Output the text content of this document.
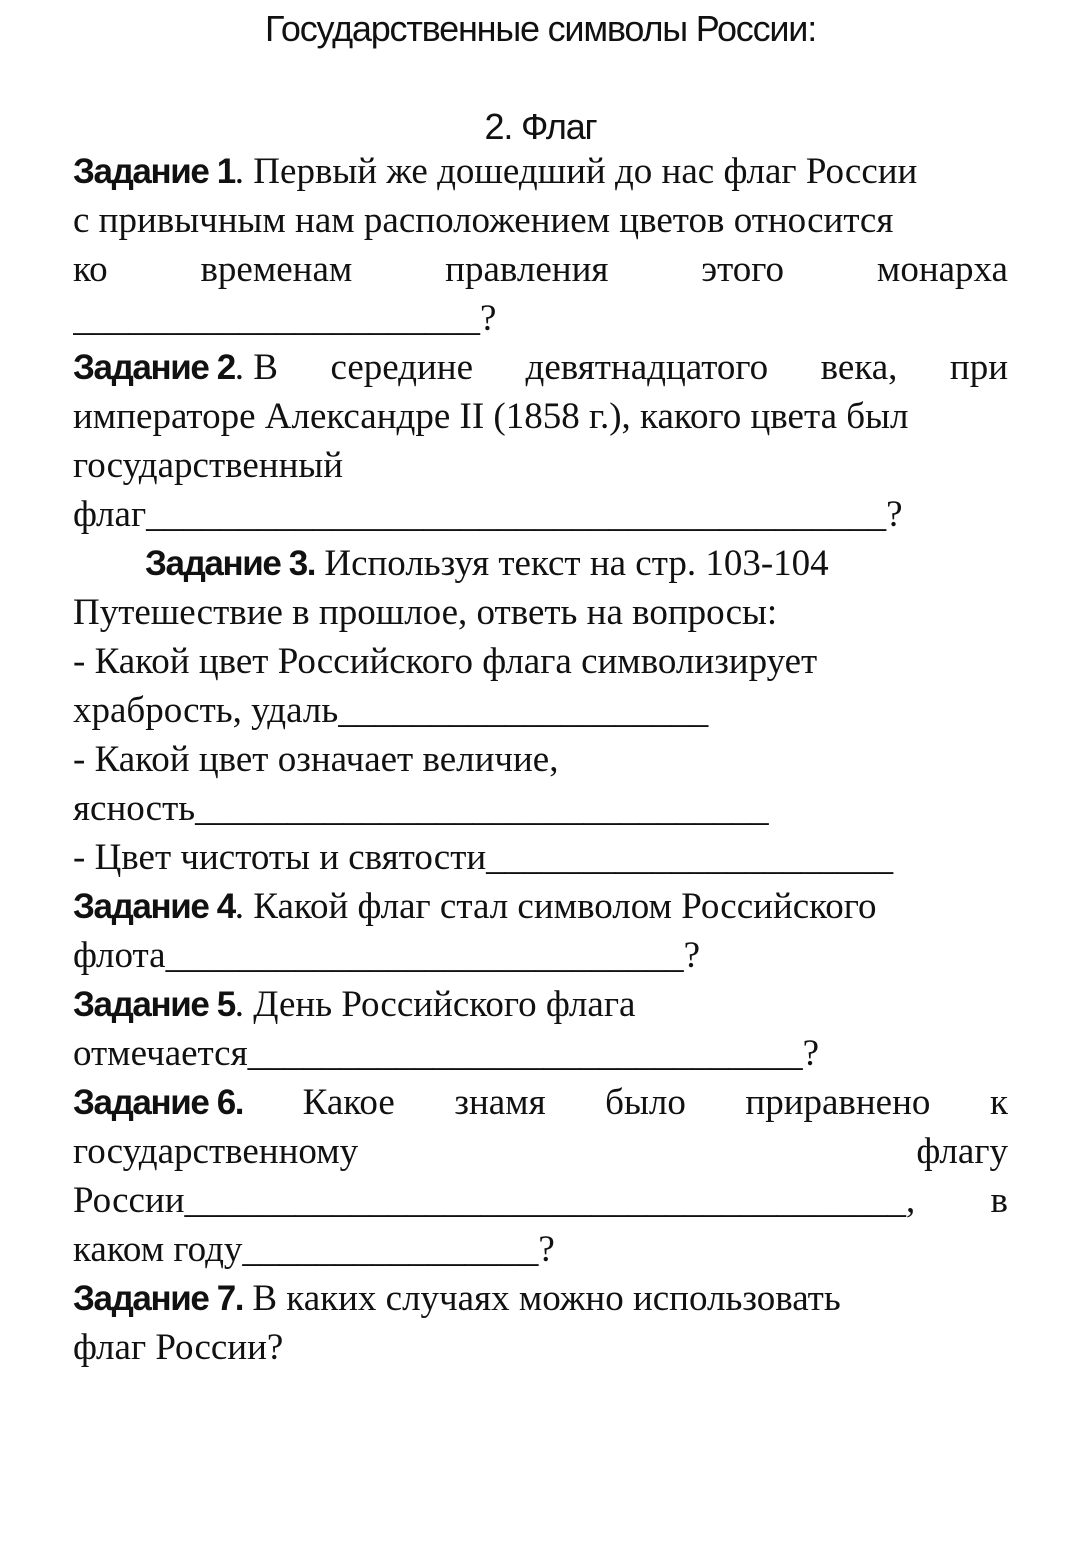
Государственные символы России:
2. Флаг
Задание 1. Первый же дошедший до нас флаг России
с привычным нам расположением цветов относится
ко	временам	правления	этого	монарха
______________________?
Задание 2. В середине девятнадцатого века, при
императоре Александре II (1858 г.), какого цвета был
государственный
флаг________________________________________?
Задание 3. Используя текст на стр. 103-104
Путешествие в прошлое, ответь на вопросы:
- Какой цвет Российского флага символизирует
храбрость, удаль____________________
- Какой цвет означает величие,
ясность_______________________________
- Цвет чистоты и святости______________________
Задание 4. Какой флаг стал символом Российского
флота____________________________?
Задание 5. День Российского флага
отмечается______________________________?
Задание 6. Какое знамя было приравнено к
государственному	флагу
России_______________________________________, в
каком году________________?
Задание 7. В каких случаях можно использовать
флаг России?
